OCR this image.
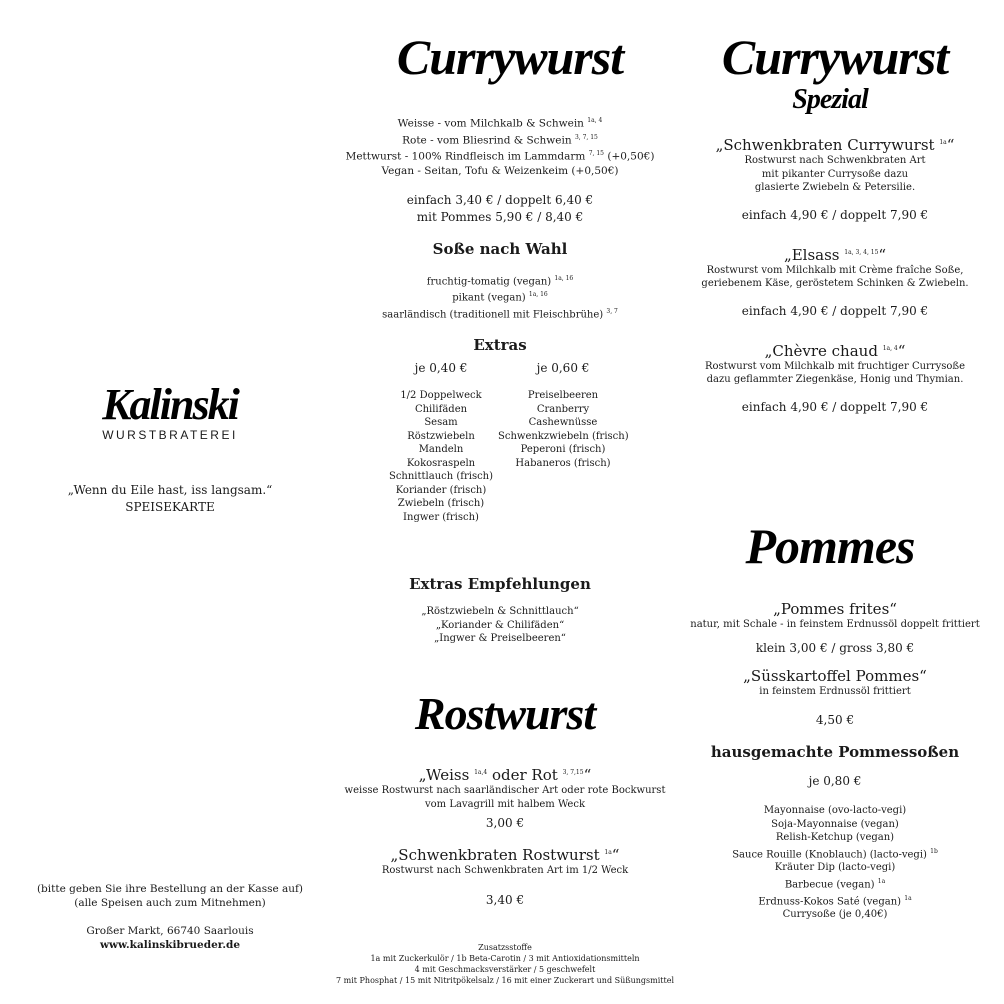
Kalinski
WURSTBRATEREI
„Wenn du Eile hast, iss langsam.“
SPEISEKARTE
(bitte geben Sie ihre Bestellung an der Kasse auf)
(alle Speisen auch zum Mitnehmen)
Großer Markt, 66740 Saarlouis
www.kalinskibrueder.de
Currywurst
Weisse - vom Milchkalb & Schwein $^{1a, 4}$
Rote - vom Bliesrind & Schwein $^{3, 7, 15}$
Mettwurst - 100% Rindfleisch im Lammdarm $^{7, 15}$ (+0,50€)
Vegan - Seitan, Tofu & Weizenkeim (+0,50€)
einfach 3,40 € / doppelt 6,40 €
mit Pommes 5,90 € / 8,40 €
Soße nach Wahl
fruchtig-tomatig (vegan) $^{1a, 16}$
pikant (vegan) $^{1a, 16}$
saarländisch (traditionell mit Fleischbrühe) $^{3, 7}$
Extras
je 0,40 €
1/2 Doppelweck
Chilifäden
Sesam
Röstzwiebeln
Mandeln
Kokosraspeln
Schnittlauch (frisch)
Koriander (frisch)
Zwiebeln (frisch)
Ingwer (frisch)
je 0,60 €
Preiselbeeren
Cranberry
Cashewnüsse
Schwenkzwiebeln (frisch)
Peperoni (frisch)
Habaneros (frisch)
Extras Empfehlungen
„Röstzwiebeln & Schnittlauch“
„Koriander & Chilifäden“
„Ingwer & Preiselbeeren“
Rostwurst
„Weiss $^{1a,4}$ oder Rot $^{3, 7,15}$“
weisse Rostwurst nach saarländischer Art oder rote Bockwurst
vom Lavagrill mit halbem Weck
3,00 €
„Schwenkbraten Rostwurst $^{1a}$“
Rostwurst nach Schwenkbraten Art im 1/2 Weck
3,40 €
Zusatzsstoffe
1a mit Zuckerkulör / 1b Beta-Carotin / 3 mit Antioxidationsmitteln
4 mit Geschmacksverstärker / 5 geschwefelt
7 mit Phosphat / 15 mit Nitritpökelsalz / 16 mit einer Zuckerart und Süßungsmittel
Currywurst
Spezial
„Schwenkbraten Currywurst $^{1a}$“
Rostwurst nach Schwenkbraten Art
mit pikanter Currysoße dazu
glasierte Zwiebeln & Petersilie.
einfach 4,90 € / doppelt 7,90 €
„Elsass $^{1a, 3, 4, 15}$“
Rostwurst vom Milchkalb mit Crème fraîche Soße,
geriebenem Käse, geröstetem Schinken & Zwiebeln.
einfach 4,90 € / doppelt 7,90 €
„Chèvre chaud $^{1a, 4}$“
Rostwurst vom Milchkalb mit fruchtiger Currysoße
dazu geflammter Ziegenkäse, Honig und Thymian.
einfach 4,90 € / doppelt 7,90 €
Pommes
„Pommes frites“
natur, mit Schale - in feinstem Erdnussöl doppelt frittiert
klein 3,00 € / gross 3,80 €
„Süsskartoffel Pommes“
in feinstem Erdnussöl frittiert
4,50 €
hausgemachte Pommessoßen
je 0,80 €
Mayonnaise (ovo-lacto-vegi)
Soja-Mayonnaise (vegan)
Relish-Ketchup (vegan)
Sauce Rouille (Knoblauch) (lacto-vegi) $^{1b}$
Kräuter Dip (lacto-vegi)
Barbecue (vegan) $^{1a}$
Erdnuss-Kokos Saté (vegan) $^{1a}$
Currysoße (je 0,40€)
